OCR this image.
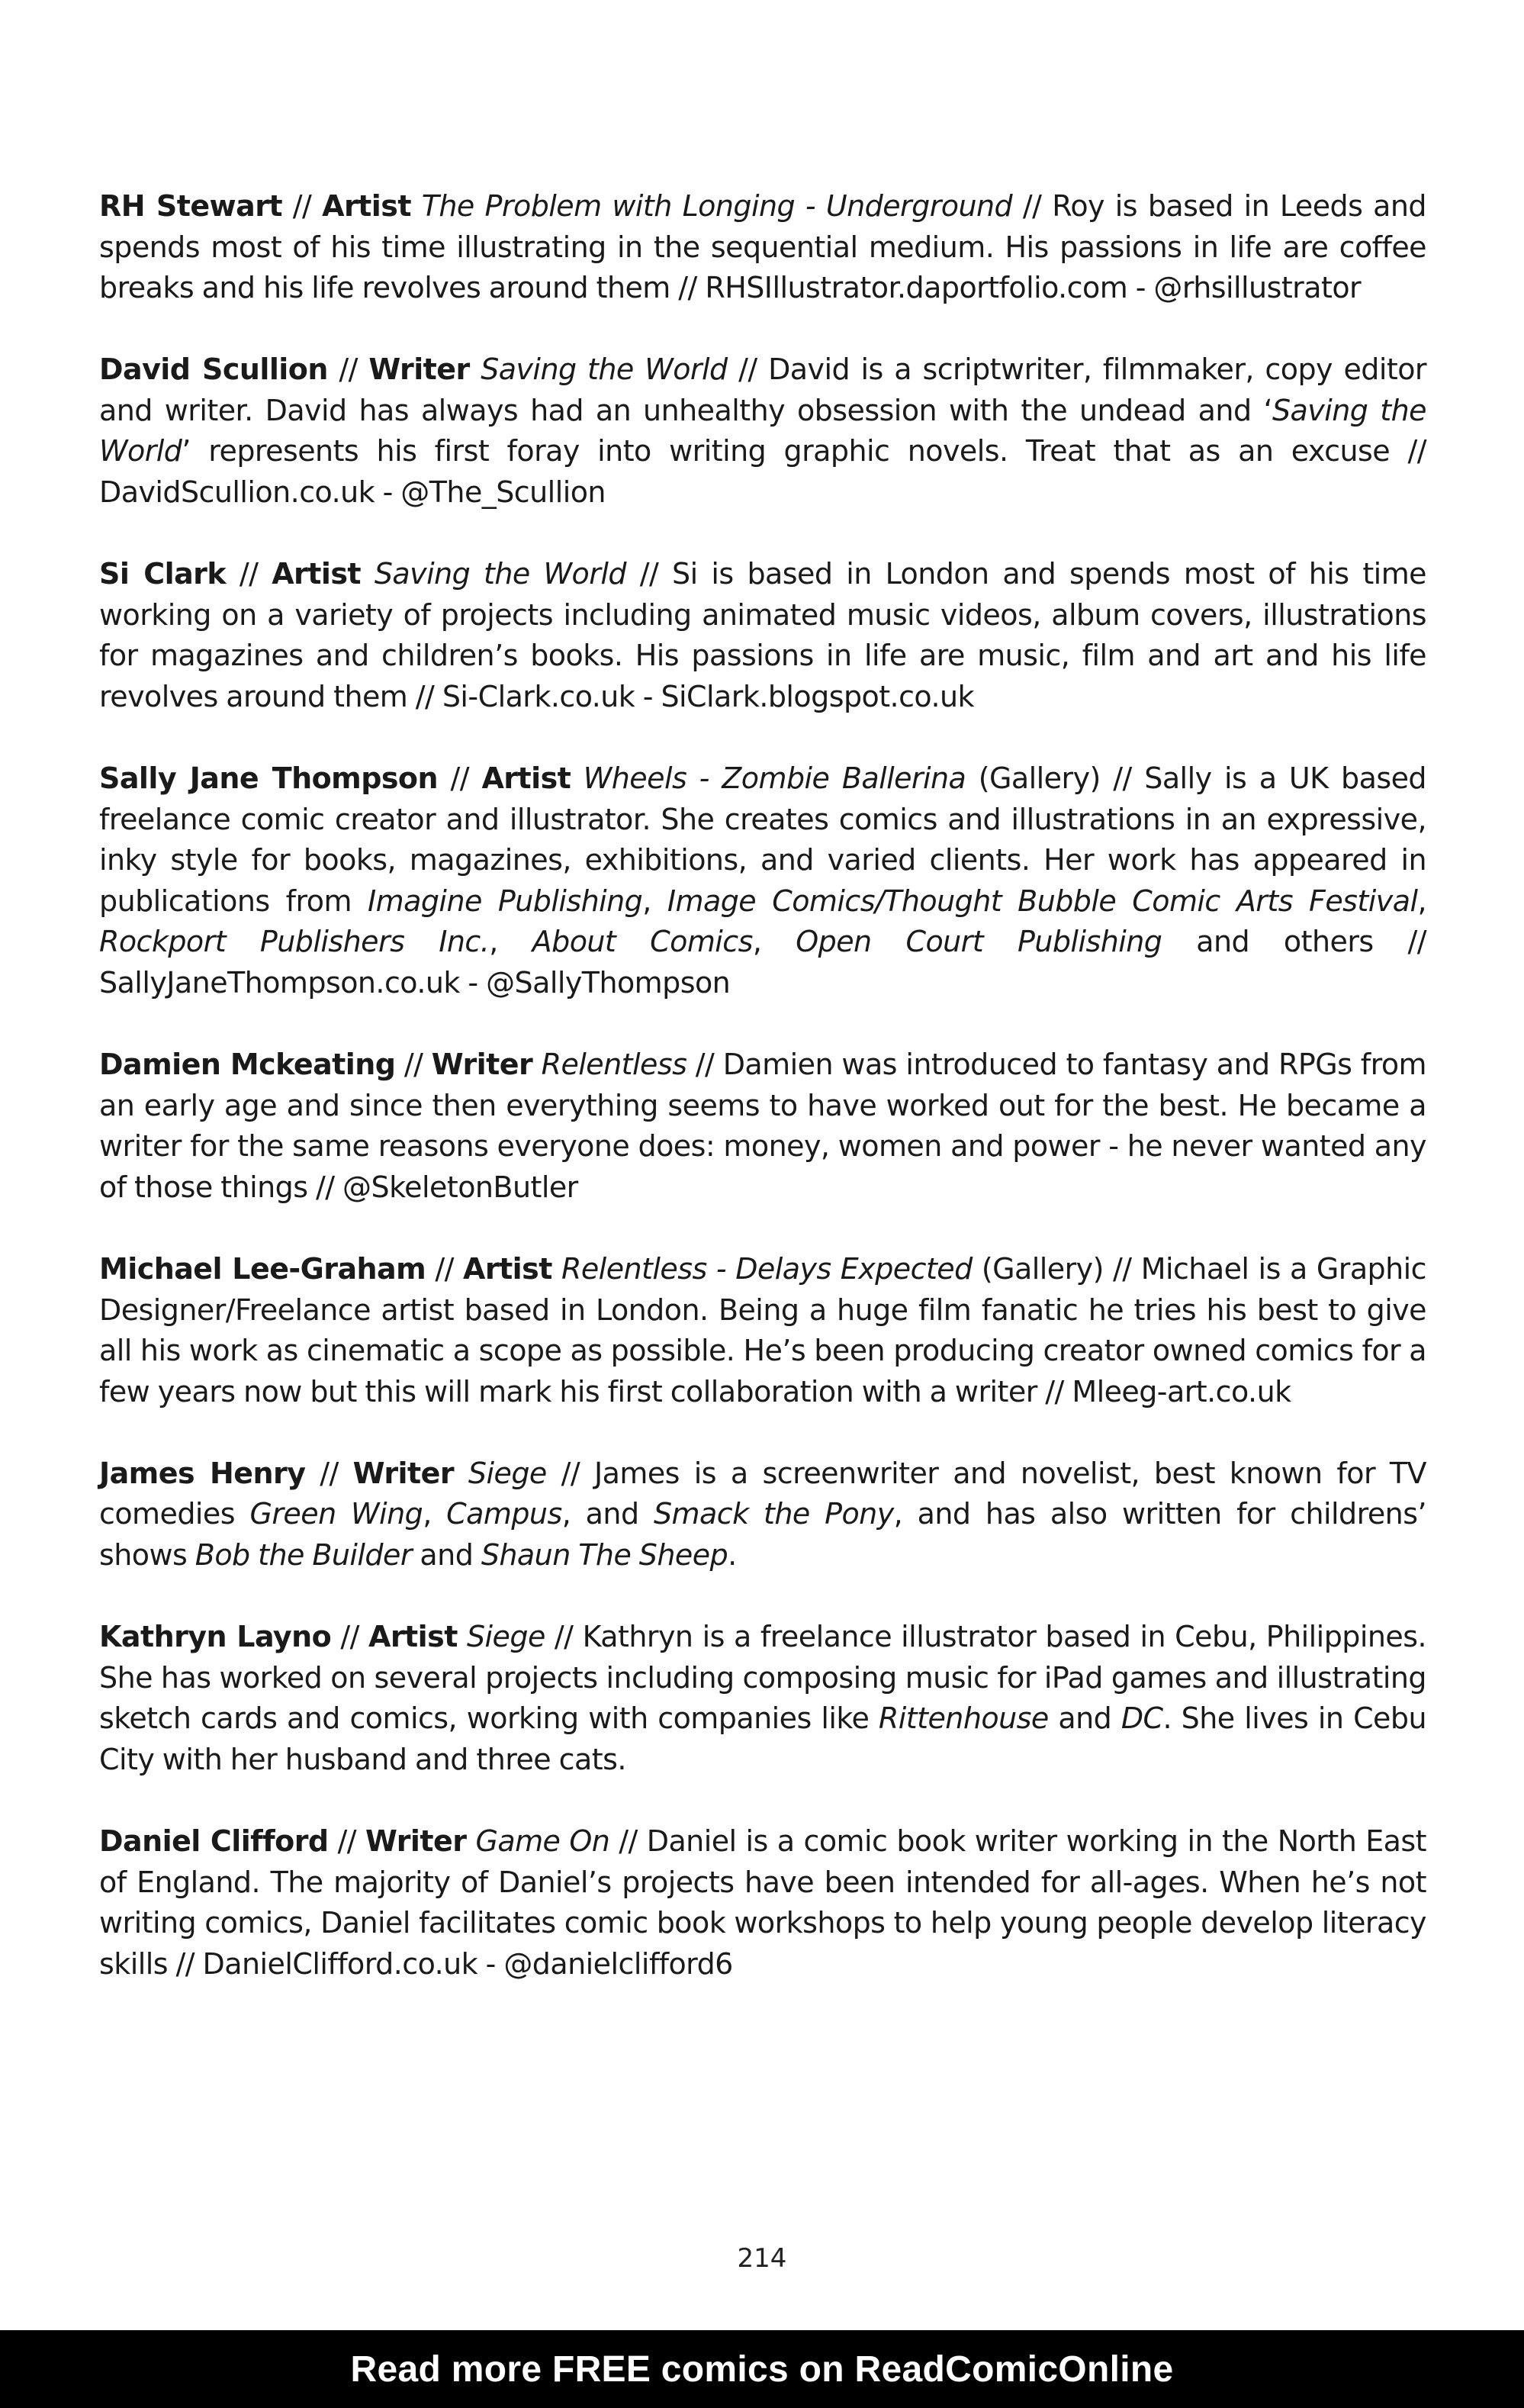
RH Stewart // Artist The Problem with Longing - Underground // Roy is based in Leeds and spends most of his time illustrating in the sequential medium. His passions in life are coffee breaks and his life revolves around them // RHSIllustrator.daportfolio.com - @rhsillustrator

David Scullion // Writer Saving the World // David is a scriptwriter, filmmaker, copy editor and writer. David has always had an unhealthy obsession with the undead and ‘Saving the World’ represents his first foray into writing graphic novels. Treat that as an excuse // DavidScullion.co.uk - @The_Scullion

Si Clark // Artist Saving the World // Si is based in London and spends most of his time working on a variety of projects including animated music videos, album covers, illustrations for magazines and children’s books. His passions in life are music, film and art and his life revolves around them // Si-Clark.co.uk - SiClark.blogspot.co.uk

Sally Jane Thompson // Artist Wheels - Zombie Ballerina (Gallery) // Sally is a UK based freelance comic creator and illustrator. She creates comics and illustrations in an expressive, inky style for books, magazines, exhibitions, and varied clients. Her work has appeared in publications from Imagine Publishing, Image Comics/Thought Bubble Comic Arts Festival, Rockport Publishers Inc., About Comics, Open Court Publishing and others // SallyJaneThompson.co.uk - @SallyThompson

Damien Mckeating // Writer Relentless // Damien was introduced to fantasy and RPGs from an early age and since then everything seems to have worked out for the best. He became a writer for the same reasons everyone does: money, women and power - he never wanted any of those things // @SkeletonButler

Michael Lee-Graham // Artist Relentless - Delays Expected (Gallery) // Michael is a Graphic Designer/Freelance artist based in London. Being a huge film fanatic he tries his best to give all his work as cinematic a scope as possible. He’s been producing creator owned comics for a few years now but this will mark his first collaboration with a writer // Mleeg-art.co.uk

James Henry // Writer Siege // James is a screenwriter and novelist, best known for TV comedies Green Wing, Campus, and Smack the Pony, and has also written for childrens’ shows Bob the Builder and Shaun The Sheep.

Kathryn Layno // Artist Siege // Kathryn is a freelance illustrator based in Cebu, Philippines. She has worked on several projects including composing music for iPad games and illustrating sketch cards and comics, working with companies like Rittenhouse and DC. She lives in Cebu City with her husband and three cats.

Daniel Clifford // Writer Game On // Daniel is a comic book writer working in the North East of England. The majority of Daniel’s projects have been intended for all-ages. When he’s not writing comics, Daniel facilitates comic book workshops to help young people develop literacy skills // DanielClifford.co.uk - @danielclifford6

214
Read more FREE comics on ReadComicOnline
